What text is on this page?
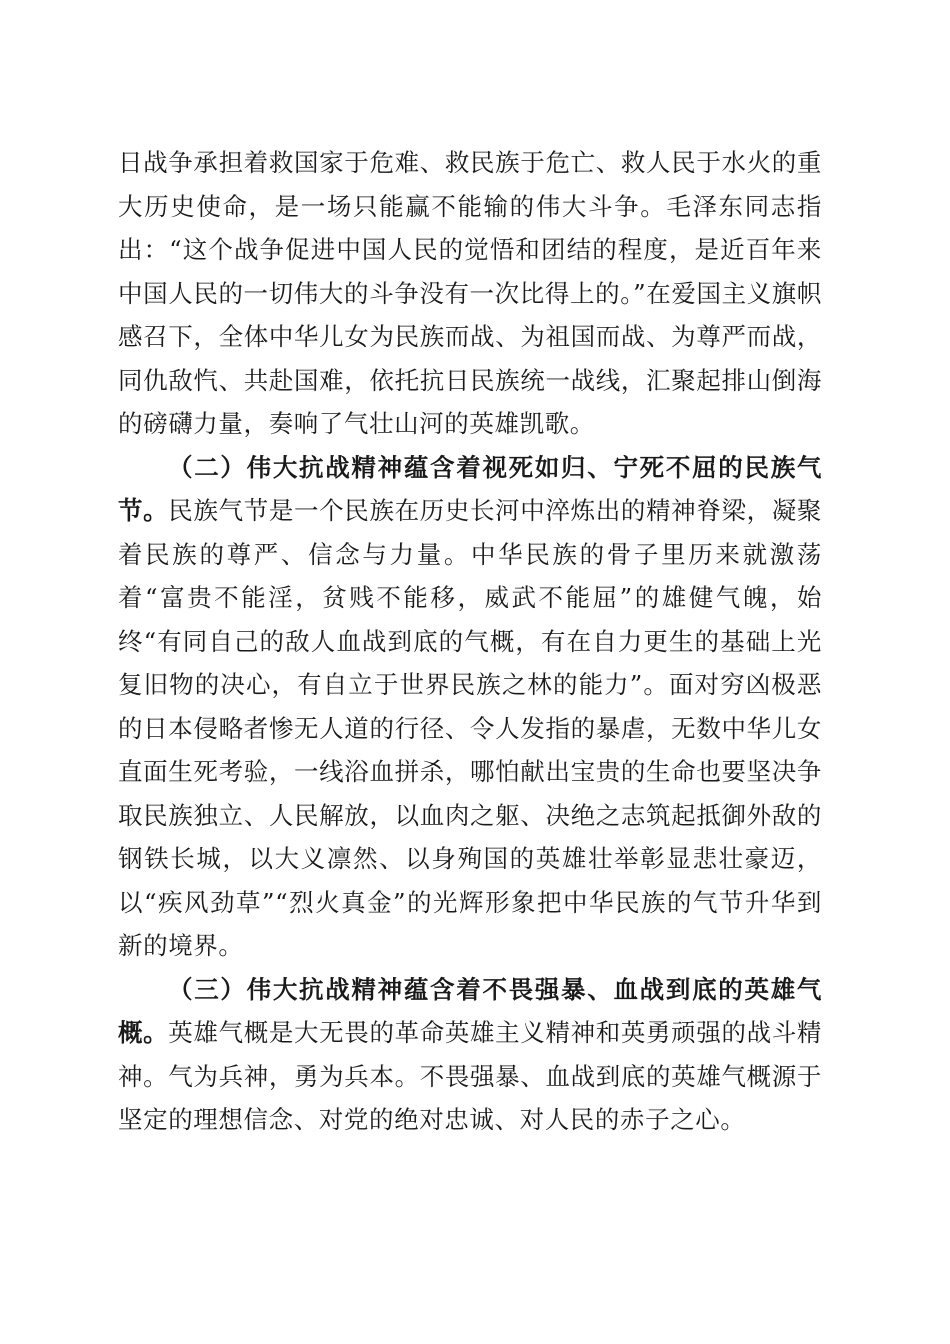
日战争承担着救国家于危难、救民族于危亡、救人民于水火的重大历史使命，是一场只能赢不能输的伟大斗争。毛泽东同志指出：“这个战争促进中国人民的觉悟和团结的程度，是近百年来中国人民的一切伟大的斗争没有一次比得上的。”在爱国主义旗帜感召下，全体中华儿女为民族而战、为祖国而战、为尊严而战，同仇敌忾、共赴国难，依托抗日民族统一战线，汇聚起排山倒海的磅礴力量，奏响了气壮山河的英雄凯歌。

（二）伟大抗战精神蕴含着视死如归、宁死不屈的民族气节。民族气节是一个民族在历史长河中淬炼出的精神脊梁，凝聚着民族的尊严、信念与力量。中华民族的骨子里历来就激荡着“富贵不能淫，贫贱不能移，威武不能屈”的雄健气魄，始终“有同自己的敌人血战到底的气概，有在自力更生的基础上光复旧物的决心，有自立于世界民族之林的能力”。面对穷凶极恶的日本侵略者惨无人道的行径、令人发指的暴虐，无数中华儿女直面生死考验，一线浴血拼杀，哪怕献出宝贵的生命也要坚决争取民族独立、人民解放，以血肉之躯、决绝之志筑起抵御外敌的钢铁长城，以大义凛然、以身殉国的英雄壮举彰显悲壮豪迈，以“疾风劲草”“烈火真金”的光辉形象把中华民族的气节升华到新的境界。

（三）伟大抗战精神蕴含着不畏强暴、血战到底的英雄气概。英雄气概是大无畏的革命英雄主义精神和英勇顽强的战斗精神。气为兵神，勇为兵本。不畏强暴、血战到底的英雄气概源于坚定的理想信念、对党的绝对忠诚、对人民的赤子之心。
